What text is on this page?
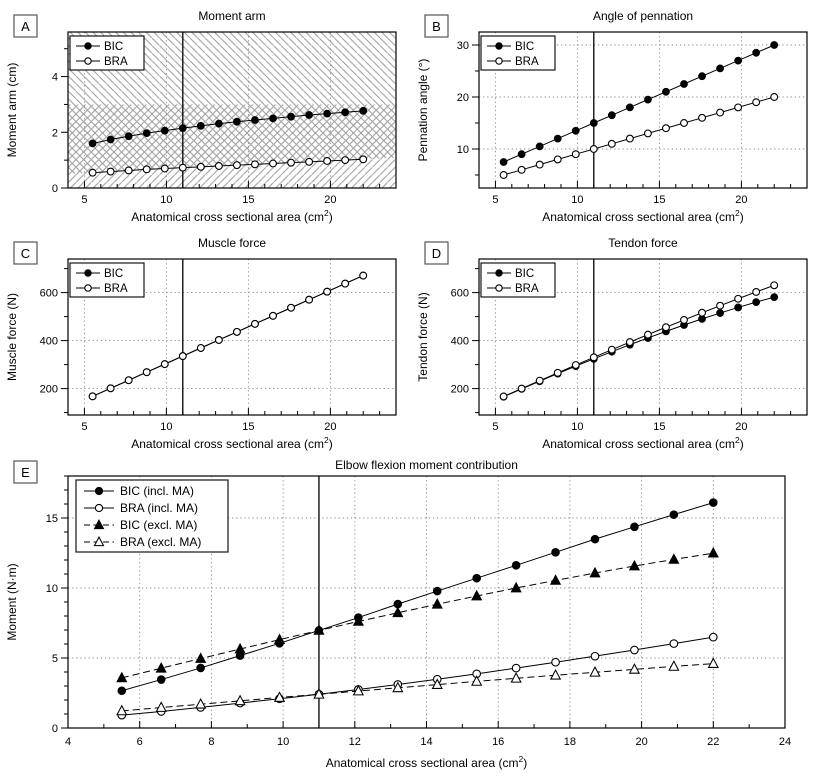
5	10	15	20
0
2
4
Moment arm
Moment arm (cm)
Anatomical cross sectional area $(cm^2)$
BIC
BRA
A
5	10	15	20
10
20
30
Angle of pennation
Pennation angle (°)
Anatomical cross sectional area $(cm^2)$
BIC
BRA
B
5	10	15	20
200
400
600
Muscle force
Muscle force (N)
Anatomical cross sectional area $(cm^2)$
BIC
BRA
C
5	10	15	20
200
400
600
Tendon force
Tendon force (N)
Anatomical cross sectional area $(cm^2)$
BIC
BRA
D
4	6	8	10	12	14	16	18	20	22	24
0
5
10
15
Elbow flexion moment contribution
Moment (N·m)
Anatomical cross sectional area $(cm^2)$
BIC (incl. MA)
BRA (incl. MA)
BIC (excl. MA)
BRA (excl. MA)
E
